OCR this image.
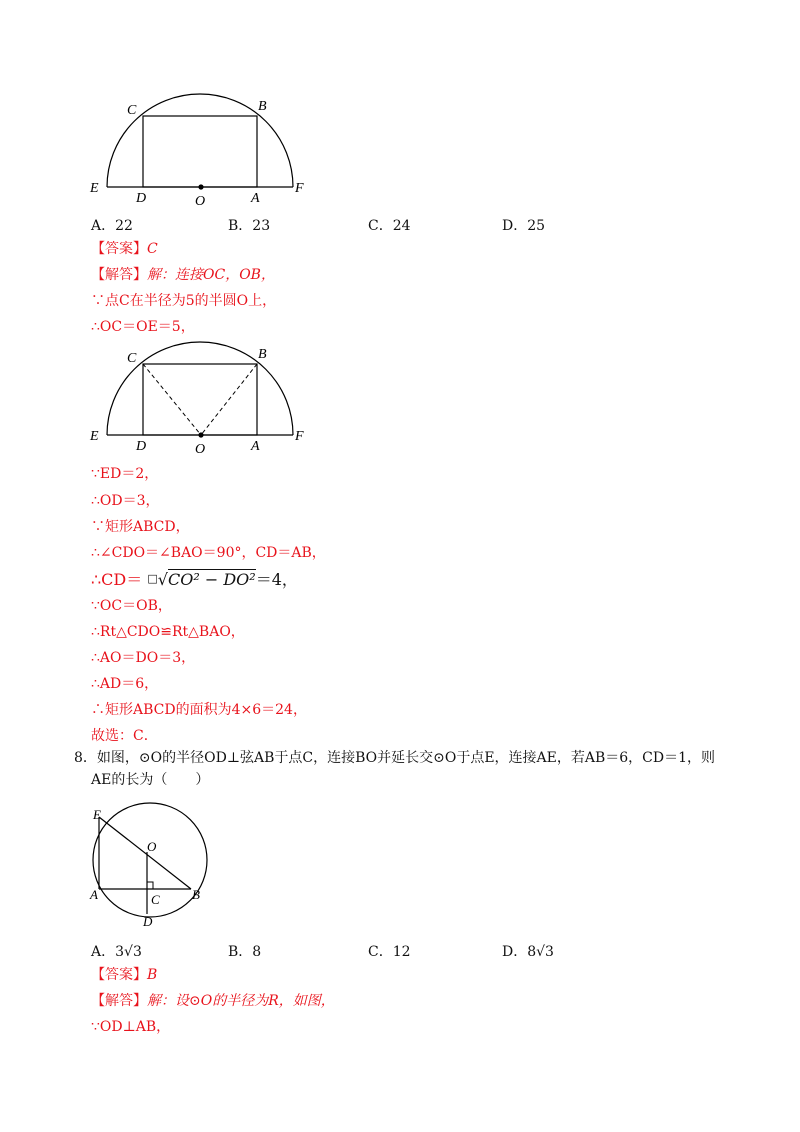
C	B
E
D	O	A
F
A．22	B．23	C．24	D．25
【答案】C
【解答】解：连接OC，OB，
∵点C在半径为5的半圆O上，
∴OC＝OE＝5，
C	B
E
D	O	A
F
∵ED＝2，
∴OD＝3，
∵矩形ABCD，
∴∠CDO＝∠BAO＝90°，CD＝AB，
∴CD＝ □√CO² − DO²＝4，
∵OC＝OB，
∴Rt△CDO≌Rt△BAO，
∴AO＝DO＝3，
∴AD＝6，
∴矩形ABCD的面积为4×6＝24，
故选：C．
8．如图，⊙O的半径OD⊥弦AB于点C，连接BO并延长交⊙O于点E，连接AE，若AB＝6，CD＝1，则
AE的长为（　　）
E
O
A	C B
D
A．3√3	B．8	C．12	D．8√3
【答案】B
【解答】解：设⊙O的半径为R，如图，
∵OD⊥AB，
